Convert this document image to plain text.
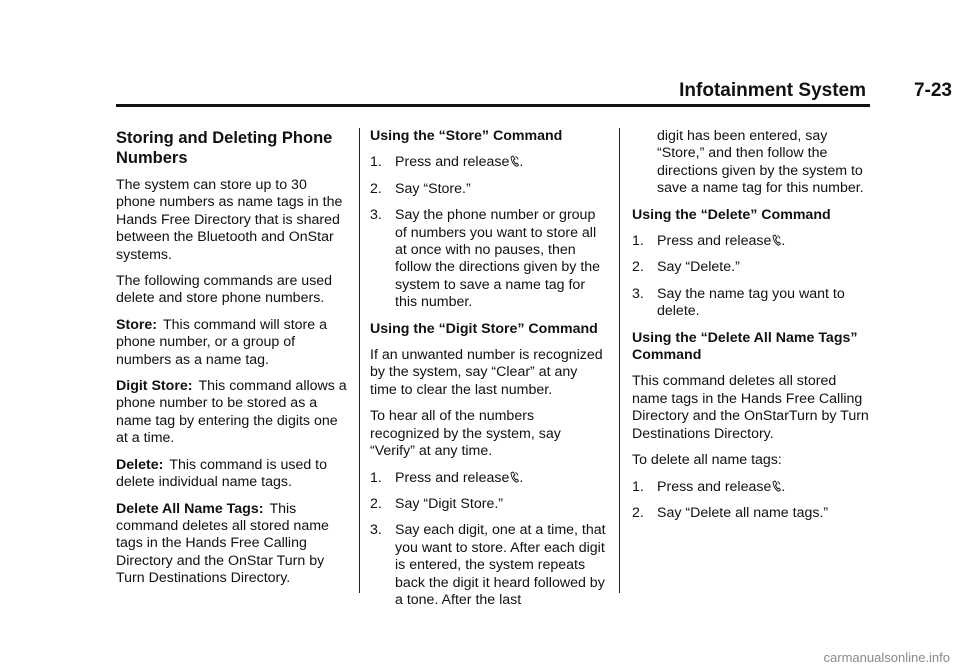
Infotainment System	7-23
Storing and Deleting Phone Numbers

The system can store up to 30 phone numbers as name tags in the Hands Free Directory that is shared between the Bluetooth and OnStar systems.

The following commands are used delete and store phone numbers.

Store: This command will store a phone number, or a group of numbers as a name tag.

Digit Store: This command allows a phone number to be stored as a name tag by entering the digits one at a time.

Delete: This command is used to delete individual name tags.

Delete All Name Tags: This command deletes all stored name tags in the Hands Free Calling Directory and the OnStar Turn by Turn Destinations Directory.

Using the “Store” Command
1. Press and release .
2. Say “Store.”
3. Say the phone number or group of numbers you want to store all at once with no pauses, then follow the directions given by the system to save a name tag for this number.
Using the “Digit Store” Command

If an unwanted number is recognized by the system, say “Clear” at any time to clear the last number.

To hear all of the numbers recognized by the system, say “Verify” at any time.

1. Press and release .
2. Say “Digit Store.”
3. Say each digit, one at a time, that you want to store. After each digit is entered, the system repeats back the digit it heard followed by a tone. After the last
digit has been entered, say “Store,” and then follow the directions given by the system to save a name tag for this number.
Using the “Delete” Command
1. Press and release .
2. Say “Delete.”
3. Say the name tag you want to delete.
Using the “Delete All Name Tags” Command

This command deletes all stored name tags in the Hands Free Calling Directory and the OnStarTurn by Turn Destinations Directory.

To delete all name tags:

1. Press and release .
2. Say “Delete all name tags.”
carmanualsonline.info
